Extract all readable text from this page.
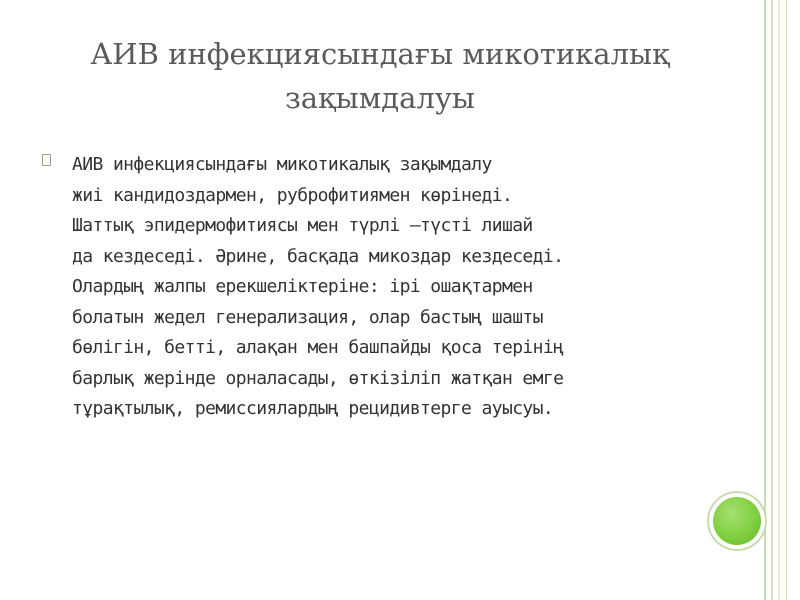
АИВ инфекциясындағы микотикалық
зақымдалуы
АИВ инфекциясындағы микотикалық зақымдалу
жиі кандидоздармен, руброфитиямен көрінеді.
Шаттық эпидермофитиясы мен түрлі –түсті лишай
да кездеседі. Әрине, басқада микоздар кездеседі.
Олардың жалпы ерекшеліктеріне: ірі ошақтармен
болатын жедел генерализация, олар бастың шашты
бөлігін, бетті, алақан мен башпайды қоса терінің
барлық жерінде орналасады, өткізіліп жатқан емге
тұрақтылық, ремиссиялардың рецидивтерге ауысуы.
